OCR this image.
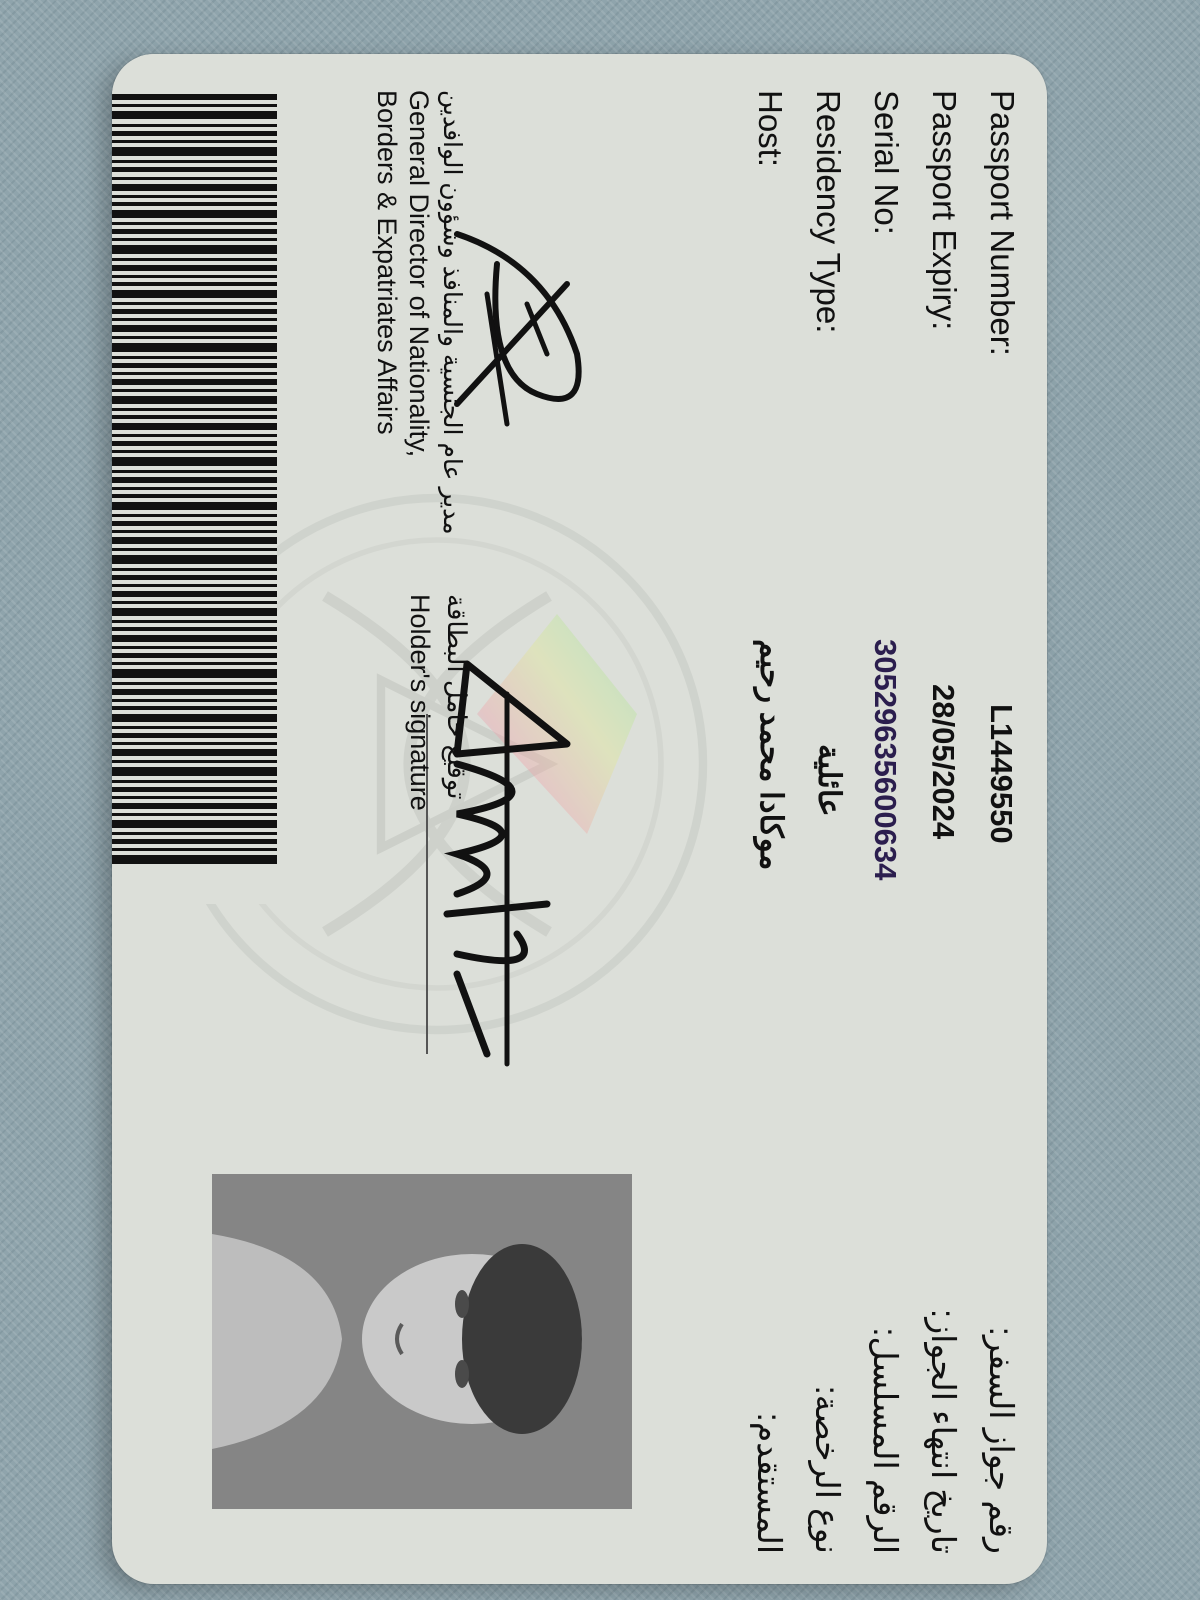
Passport Number:
L1449550
رقم جواز السفر:
Passport Expiry:
28/05/2024
تاريخ انتهاء الجواز:
Serial No:
30529635600634
الرقم المسلسل:
Residency Type:
عائلية
نوع الرخصة:
Host:
موكادا محمد رحيم
المستقدم:
مدير عام الجنسية والمنافذ وشؤون الوافدين
General Director of Nationality,
Borders & Expatriates Affairs
توقيع حامل البطاقة
Holder's signature
